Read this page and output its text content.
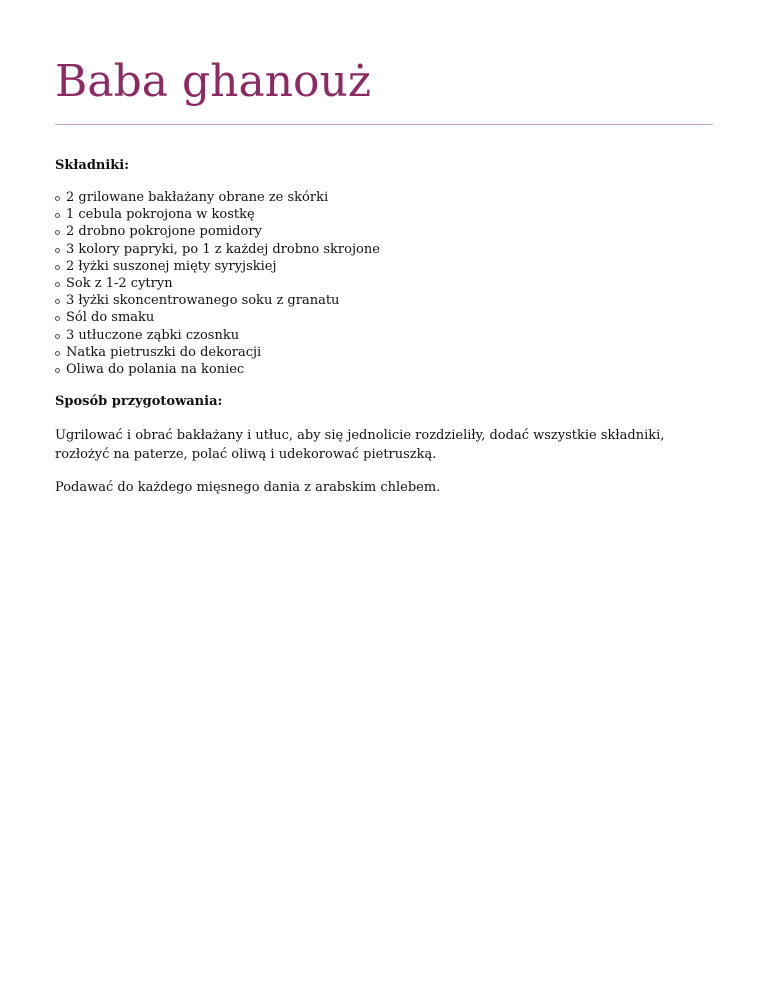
Baba ghanouż
Składniki:
2 grilowane bakłażany obrane ze skórki
1 cebula pokrojona w kostkę
2 drobno pokrojone pomidory
3 kolory papryki, po 1 z każdej drobno skrojone
2 łyżki suszonej mięty syryjskiej
Sok z 1-2 cytryn
3 łyżki skoncentrowanego soku z granatu
Sól do smaku
3 utłuczone ząbki czosnku
Natka pietruszki do dekoracji
Oliwa do polania na koniec
Sposób przygotowania:

Ugrilować i obrać bakłażany i utłuc, aby się jednolicie rozdzieliły, dodać wszystkie składniki, rozłożyć na paterze, polać oliwą i udekorować pietruszką.

Podawać do każdego mięsnego dania z arabskim chlebem.
